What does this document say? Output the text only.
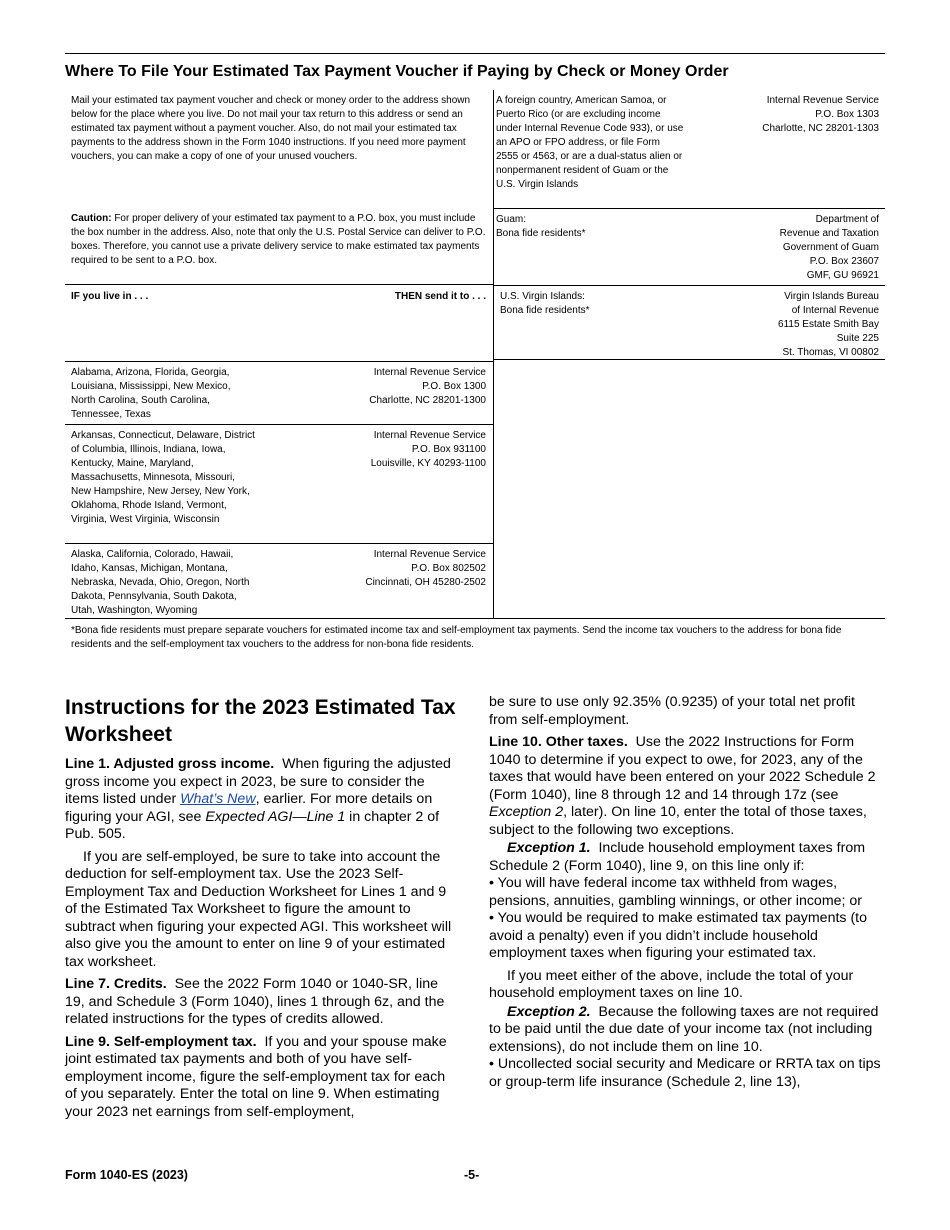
Where To File Your Estimated Tax Payment Voucher if Paying by Check or Money Order
Mail your estimated tax payment voucher and check or money order to the address shown below for the place where you live. Do not mail your tax return to this address or send an estimated tax payment without a payment voucher. Also, do not mail your estimated tax payments to the address shown in the Form 1040 instructions. If you need more payment vouchers, you can make a copy of one of your unused vouchers.
Caution: For proper delivery of your estimated tax payment to a P.O. box, you must include the box number in the address. Also, note that only the U.S. Postal Service can deliver to P.O. boxes. Therefore, you cannot use a private delivery service to make estimated tax payments required to be sent to a P.O. box.
IF you live in . . .	THEN send it to . . .
Alabama, Arizona, Florida, Georgia, Louisiana, Mississippi, New Mexico, North Carolina, South Carolina, Tennessee, Texas
Internal Revenue Service
P.O. Box 1300
Charlotte, NC 28201-1300
Arkansas, Connecticut, Delaware, District of Columbia, Illinois, Indiana, Iowa, Kentucky, Maine, Maryland, Massachusetts, Minnesota, Missouri, New Hampshire, New Jersey, New York, Oklahoma, Rhode Island, Vermont, Virginia, West Virginia, Wisconsin
Internal Revenue Service
P.O. Box 931100
Louisville, KY 40293-1100
Alaska, California, Colorado, Hawaii, Idaho, Kansas, Michigan, Montana, Nebraska, Nevada, Ohio, Oregon, North Dakota, Pennsylvania, South Dakota, Utah, Washington, Wyoming
Internal Revenue Service
P.O. Box 802502
Cincinnati, OH 45280-2502
A foreign country, American Samoa, or Puerto Rico (or are excluding income under Internal Revenue Code 933), or use an APO or FPO address, or file Form 2555 or 4563, or are a dual-status alien or nonpermanent resident of Guam or the U.S. Virgin Islands
Internal Revenue Service
P.O. Box 1303
Charlotte, NC 28201-1303
Guam:
Bona fide residents*
Department of
Revenue and Taxation
Government of Guam
P.O. Box 23607
GMF, GU 96921
U.S. Virgin Islands:
Bona fide residents*
Virgin Islands Bureau
of Internal Revenue
6115 Estate Smith Bay
Suite 225
St. Thomas, VI 00802
*Bona fide residents must prepare separate vouchers for estimated income tax and self-employment tax payments. Send the income tax vouchers to the address for bona fide residents and the self-employment tax vouchers to the address for non-bona fide residents.
Instructions for the 2023 Estimated Tax Worksheet

Line 1. Adjusted gross income. When figuring the adjusted gross income you expect in 2023, be sure to consider the items listed under What’s New, earlier. For more details on figuring your AGI, see Expected AGI—Line 1 in chapter 2 of Pub. 505.

If you are self-employed, be sure to take into account the deduction for self-employment tax. Use the 2023 Self-Employment Tax and Deduction Worksheet for Lines 1 and 9 of the Estimated Tax Worksheet to figure the amount to subtract when figuring your expected AGI. This worksheet will also give you the amount to enter on line 9 of your estimated tax worksheet.

Line 7. Credits. See the 2022 Form 1040 or 1040-SR, line 19, and Schedule 3 (Form 1040), lines 1 through 6z, and the related instructions for the types of credits allowed.

Line 9. Self-employment tax. If you and your spouse make joint estimated tax payments and both of you have self-employment income, figure the self-employment tax for each of you separately. Enter the total on line 9. When estimating your 2023 net earnings from self-employment,

be sure to use only 92.35% (0.9235) of your total net profit from self-employment.

Line 10. Other taxes. Use the 2022 Instructions for Form 1040 to determine if you expect to owe, for 2023, any of the taxes that would have been entered on your 2022 Schedule 2 (Form 1040), line 8 through 12 and 14 through 17z (see Exception 2, later). On line 10, enter the total of those taxes, subject to the following two exceptions.

Exception 1. Include household employment taxes from Schedule 2 (Form 1040), line 9, on this line only if:

• You will have federal income tax withheld from wages, pensions, annuities, gambling winnings, or other income; or

• You would be required to make estimated tax payments (to avoid a penalty) even if you didn’t include household employment taxes when figuring your estimated tax.

If you meet either of the above, include the total of your household employment taxes on line 10.

Exception 2. Because the following taxes are not required to be paid until the due date of your income tax (not including extensions), do not include them on line 10.

• Uncollected social security and Medicare or RRTA tax on tips or group-term life insurance (Schedule 2, line 13),

Form 1040-ES (2023)	-5-
